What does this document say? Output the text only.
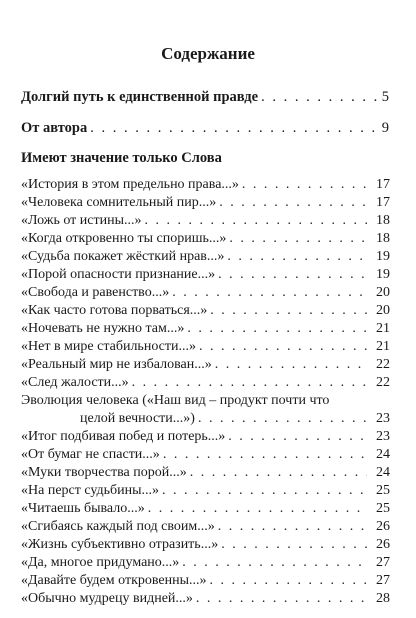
Содержание
Долгий путь к единственной правде . . .	5
От автора . . .	9
Имеют значение только Слова
«История в этом предельно права...» . . .	17
«Человека сомнительный пир...» . . .	17
«Ложь от истины...» . . .	18
«Когда откровенно ты споришь...» . . .	18
«Судьба покажет жёсткий нрав...» . . .	19
«Порой опасности признание...» . . .	19
«Свобода и равенство...» . . .	20
«Как часто готова порваться...» . . .	20
«Ночевать не нужно там...» . . .	21
«Нет в мире стабильности...» . . .	21
«Реальный мир не избалован...» . . .	22
«След жалости...» . . .	22
Эволюция человека («Наш вид – продукт почти что
целой вечности...») . . .	23
«Итог подбивая побед и потерь...» . . .	23
«От бумаг не спасти...» . . .	24
«Муки творчества порой...» . . .	24
«На перст судьбины...» . . .	25
«Читаешь бывало...» . . .	25
«Сгибаясь каждый под своим...» . . .	26
«Жизнь субъективно отразить...» . . .	26
«Да, многое придумано...» . . .	27
«Давайте будем откровенны...» . . .	27
«Обычно мудрецу видней...» . . .	28
